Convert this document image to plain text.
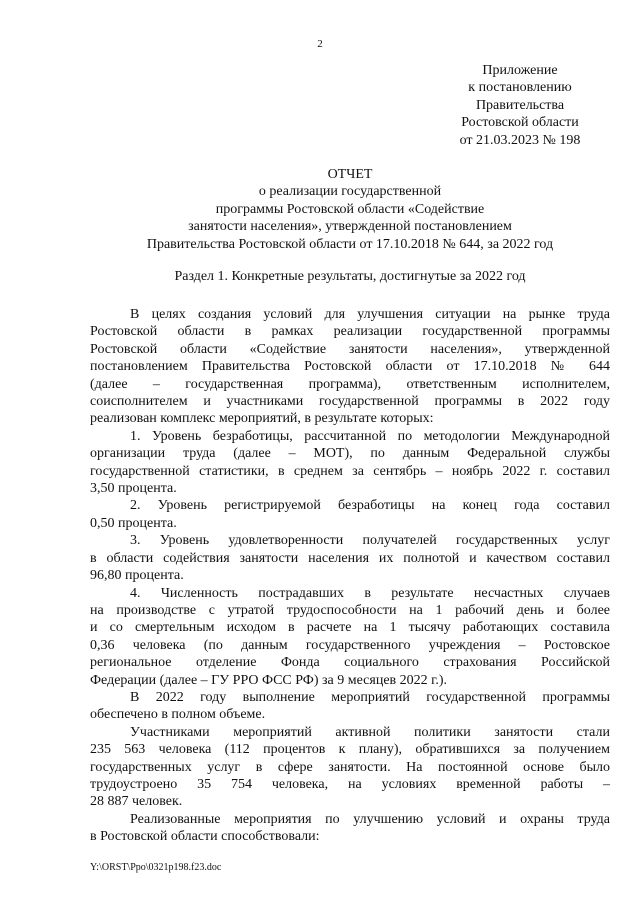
2
Приложение
к постановлению
Правительства
Ростовской области
от 21.03.2023 № 198
ОТЧЕТ
о реализации государственной
программы Ростовской области «Содействие
занятости населения», утвержденной постановлением
Правительства Ростовской области от 17.10.2018 № 644, за 2022 год
Раздел 1. Конкретные результаты, достигнутые за 2022 год

В целях создания условий для улучшения ситуации на рынке труда

Ростовской области в рамках реализации государственной программы

Ростовской области «Содействие занятости населения», утвержденной

постановлением Правительства Ростовской области от 17.10.2018 № 644

(далее – государственная программа), ответственным исполнителем,

соисполнителем и участниками государственной программы в 2022 году

реализован комплекс мероприятий, в результате которых:

1. Уровень безработицы, рассчитанной по методологии Международной

организации труда (далее – МОТ), по данным Федеральной службы

государственной статистики, в среднем за сентябрь – ноябрь 2022 г. составил

3,50 процента.

2. Уровень регистрируемой безработицы на конец года составил

0,50 процента.

3. Уровень удовлетворенности получателей государственных услуг

в области содействия занятости населения их полнотой и качеством составил

96,80 процента.

4. Численность пострадавших в результате несчастных случаев

на производстве с утратой трудоспособности на 1 рабочий день и более

и со смертельным исходом в расчете на 1 тысячу работающих составила

0,36 человека (по данным государственного учреждения – Ростовское

региональное отделение Фонда социального страхования Российской

Федерации (далее – ГУ РРО ФСС РФ) за 9 месяцев 2022 г.).

В 2022 году выполнение мероприятий государственной программы

обеспечено в полном объеме.

Участниками мероприятий активной политики занятости стали

235 563 человека (112 процентов к плану), обратившихся за получением

государственных услуг в сфере занятости. На постоянной основе было

трудоустроено 35 754 человека, на условиях временной работы –

28 887 человек.

Реализованные мероприятия по улучшению условий и охраны труда

в Ростовской области способствовали:

Y:\ORST\Ppo\0321p198.f23.doc
